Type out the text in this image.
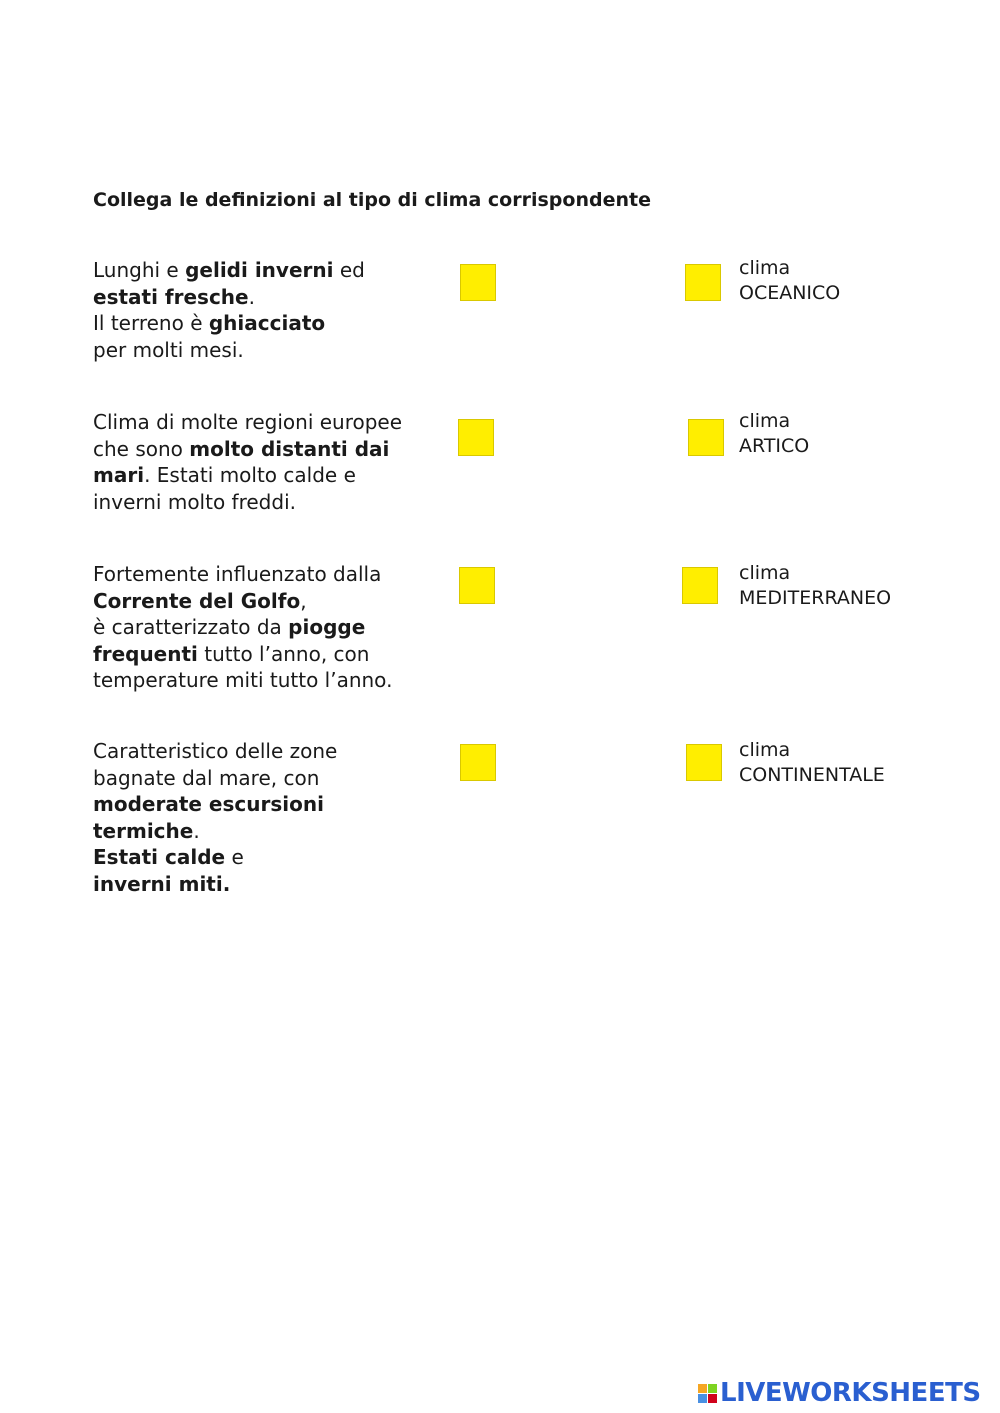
Collega le definizioni al tipo di clima corrispondente
Lunghi e gelidi inverni ed
estati fresche.
Il terreno è ghiacciato
per molti mesi.
Clima di molte regioni europee
che sono molto distanti dai
mari. Estati molto calde e
inverni molto freddi.
Fortemente influenzato dalla
Corrente del Golfo,
è caratterizzato da piogge
frequenti tutto l’anno, con
temperature miti tutto l’anno.
Caratteristico delle zone
bagnate dal mare, con
moderate escursioni
termiche.
Estati calde e
inverni miti.
clima
OCEANICO
clima
ARTICO
clima
MEDITERRANEO
clima
CONTINENTALE
LIVEWORKSHEETS
